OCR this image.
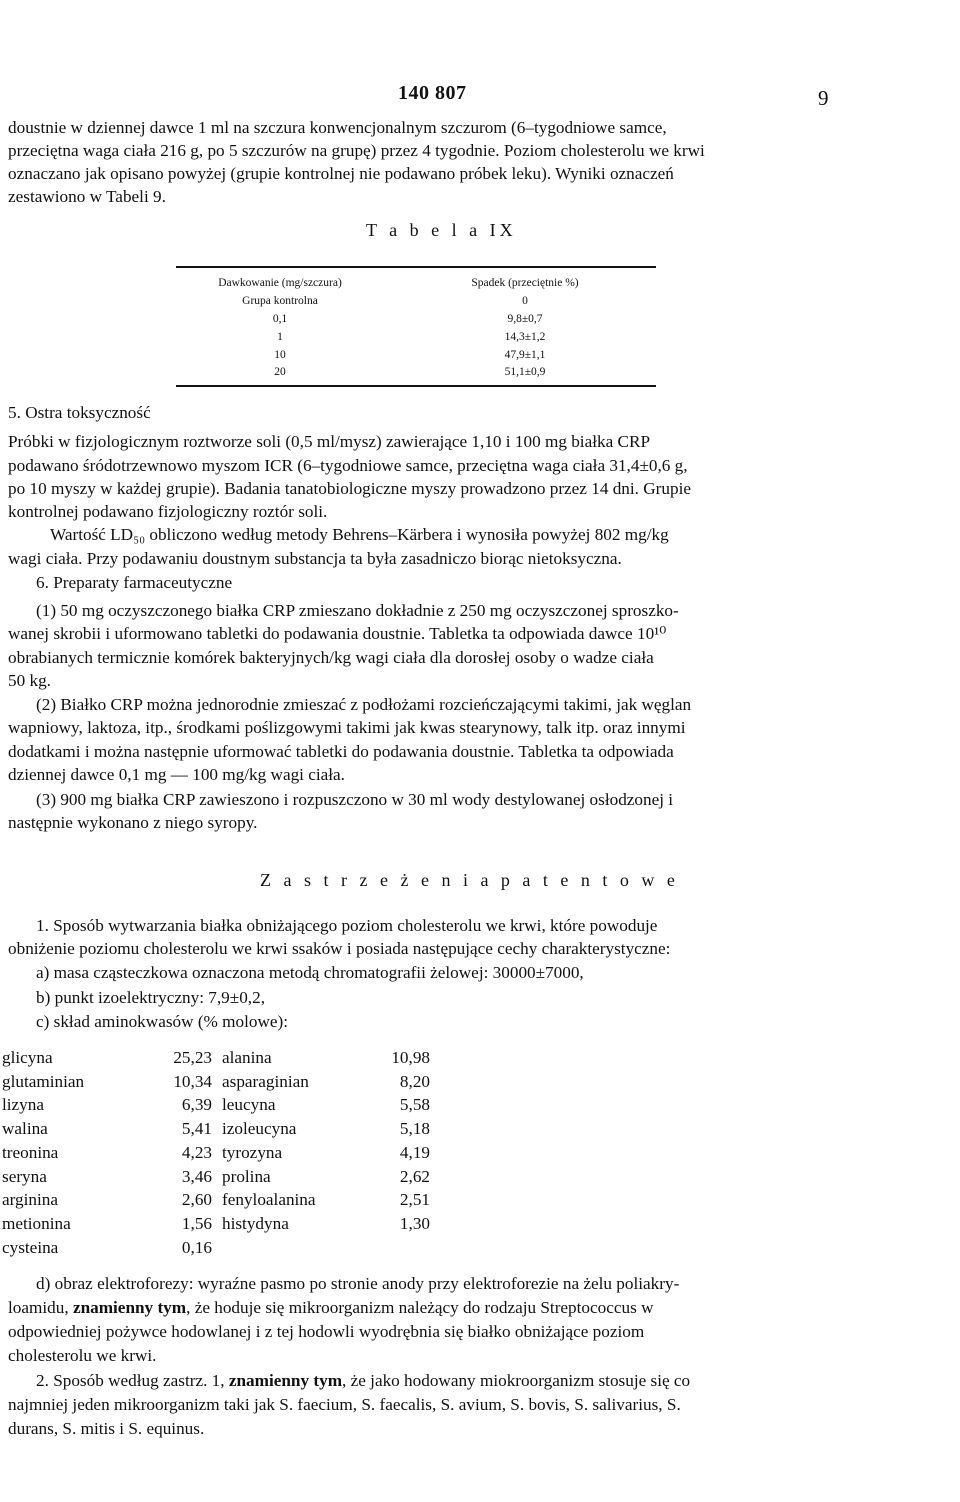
140 807	9
doustnie w dziennej dawce 1 ml na szczura konwencjonalnym szczurom (6–tygodniowe samce,
przeciętna waga ciała 216 g, po 5 szczurów na grupę) przez 4 tygodnie. Poziom cholesterolu we krwi
oznaczano jak opisano powyżej (grupie kontrolnej nie podawano próbek leku). Wyniki oznaczeń
zestawiono w Tabeli 9.
T a b e l a IX
Dawkowanie (mg/szczura)	Spadek (przeciętnie %)
Grupa kontrolna	0
0,1	9,8±0,7
1	14,3±1,2
10	47,9±1,1
20	51,1±0,9
5. Ostra toksyczność
Próbki w fizjologicznym roztworze soli (0,5 ml/mysz) zawierające 1,10 i 100 mg białka CRP
podawano śródotrzewnowo myszom ICR (6–tygodniowe samce, przeciętna waga ciała 31,4±0,6 g,
po 10 myszy w każdej grupie). Badania tanatobiologiczne myszy prowadzono przez 14 dni. Grupie
kontrolnej podawano fizjologiczny roztór soli.
Wartość LD₅₀ obliczono według metody Behrens–Kärbera i wynosiła powyżej 802 mg/kg
wagi ciała. Przy podawaniu doustnym substancja ta była zasadniczo biorąc nietoksyczna.
6. Preparaty farmaceutyczne
(1) 50 mg oczyszczonego białka CRP zmieszano dokładnie z 250 mg oczyszczonej sproszko-
wanej skrobii i uformowano tabletki do podawania doustnie. Tabletka ta odpowiada dawce 10¹⁰
obrabianych termicznie komórek bakteryjnych/kg wagi ciała dla dorosłej osoby o wadze ciała
50 kg.
(2) Białko CRP można jednorodnie zmieszać z podłożami rozcieńczającymi takimi, jak węglan
wapniowy, laktoza, itp., środkami poślizgowymi takimi jak kwas stearynowy, talk itp. oraz innymi
dodatkami i można następnie uformować tabletki do podawania doustnie. Tabletka ta odpowiada
dziennej dawce 0,1 mg — 100 mg/kg wagi ciała.
(3) 900 mg białka CRP zawieszono i rozpuszczono w 30 ml wody destylowanej osłodzonej i
następnie wykonano z niego syropy.
Z a s t r z e ż e n i a p a t e n t o w e
1. Sposób wytwarzania białka obniżającego poziom cholesterolu we krwi, które powoduje
obniżenie poziomu cholesterolu we krwi ssaków i posiada następujące cechy charakterystyczne:
a) masa cząsteczkowa oznaczona metodą chromatografii żelowej: 30000±7000,
b) punkt izoelektryczny: 7,9±0,2,
c) skład aminokwasów (% molowe):
glicyna	25,23 alanina	10,98
glutaminian	10,34 asparaginian	8,20
lizyna	6,39 leucyna	5,58
walina	5,41 izoleucyna	5,18
treonina	4,23 tyrozyna	4,19
seryna	3,46 prolina	2,62
arginina	2,60 fenyloalanina	2,51
metionina	1,56 histydyna	1,30
cysteina	0,16
d) obraz elektroforezy: wyraźne pasmo po stronie anody przy elektroforezie na żelu poliakry-
loamidu, znamienny tym, że hoduje się mikroorganizm należący do rodzaju Streptococcus w
odpowiedniej pożywce hodowlanej i z tej hodowli wyodrębnia się białko obniżające poziom
cholesterolu we krwi.
2. Sposób według zastrz. 1, znamienny tym, że jako hodowany miokroorganizm stosuje się co
najmniej jeden mikroorganizm taki jak S. faecium, S. faecalis, S. avium, S. bovis, S. salivarius, S.
durans, S. mitis i S. equinus.
